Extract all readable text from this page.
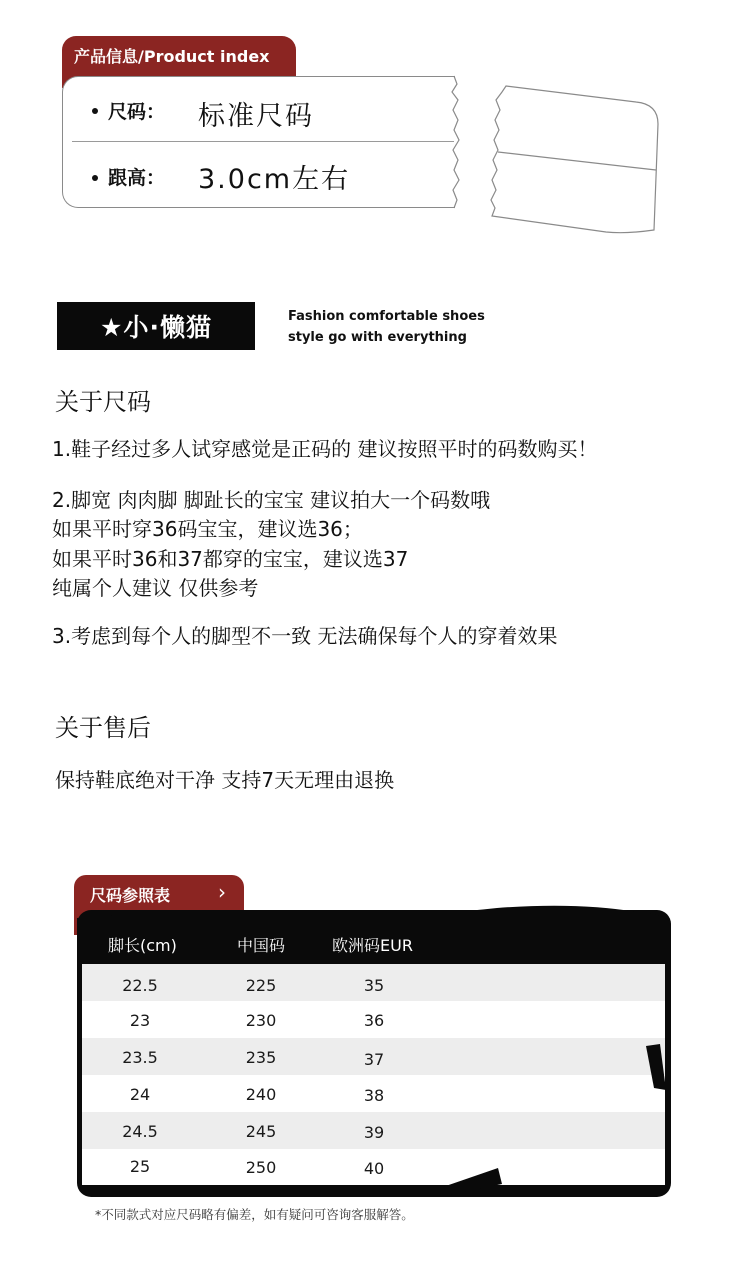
产品信息/Product index
尺码： 标准尺码
跟高： 3.0cm左右
★小·懒猫	Fashion comfortable shoes
style go with everything
关于尺码
1.鞋子经过多人试穿感觉是正码的 建议按照平时的码数购买！
2.脚宽 肉肉脚 脚趾长的宝宝 建议拍大一个码数哦
如果平时穿36码宝宝，建议选36；
如果平时36和37都穿的宝宝，建议选37
纯属个人建议 仅供参考
3.考虑到每个人的脚型不一致 无法确保每个人的穿着效果
关于售后
保持鞋底绝对干净 支持7天无理由退换
尺码参照表 ›
脚长(cm)	中国码	欧洲码EUR
22.5	225	35
23	230	36
23.5	235	37
24	240	38
24.5	245	39
25	250	40
*不同款式对应尺码略有偏差，如有疑问可咨询客服解答。
